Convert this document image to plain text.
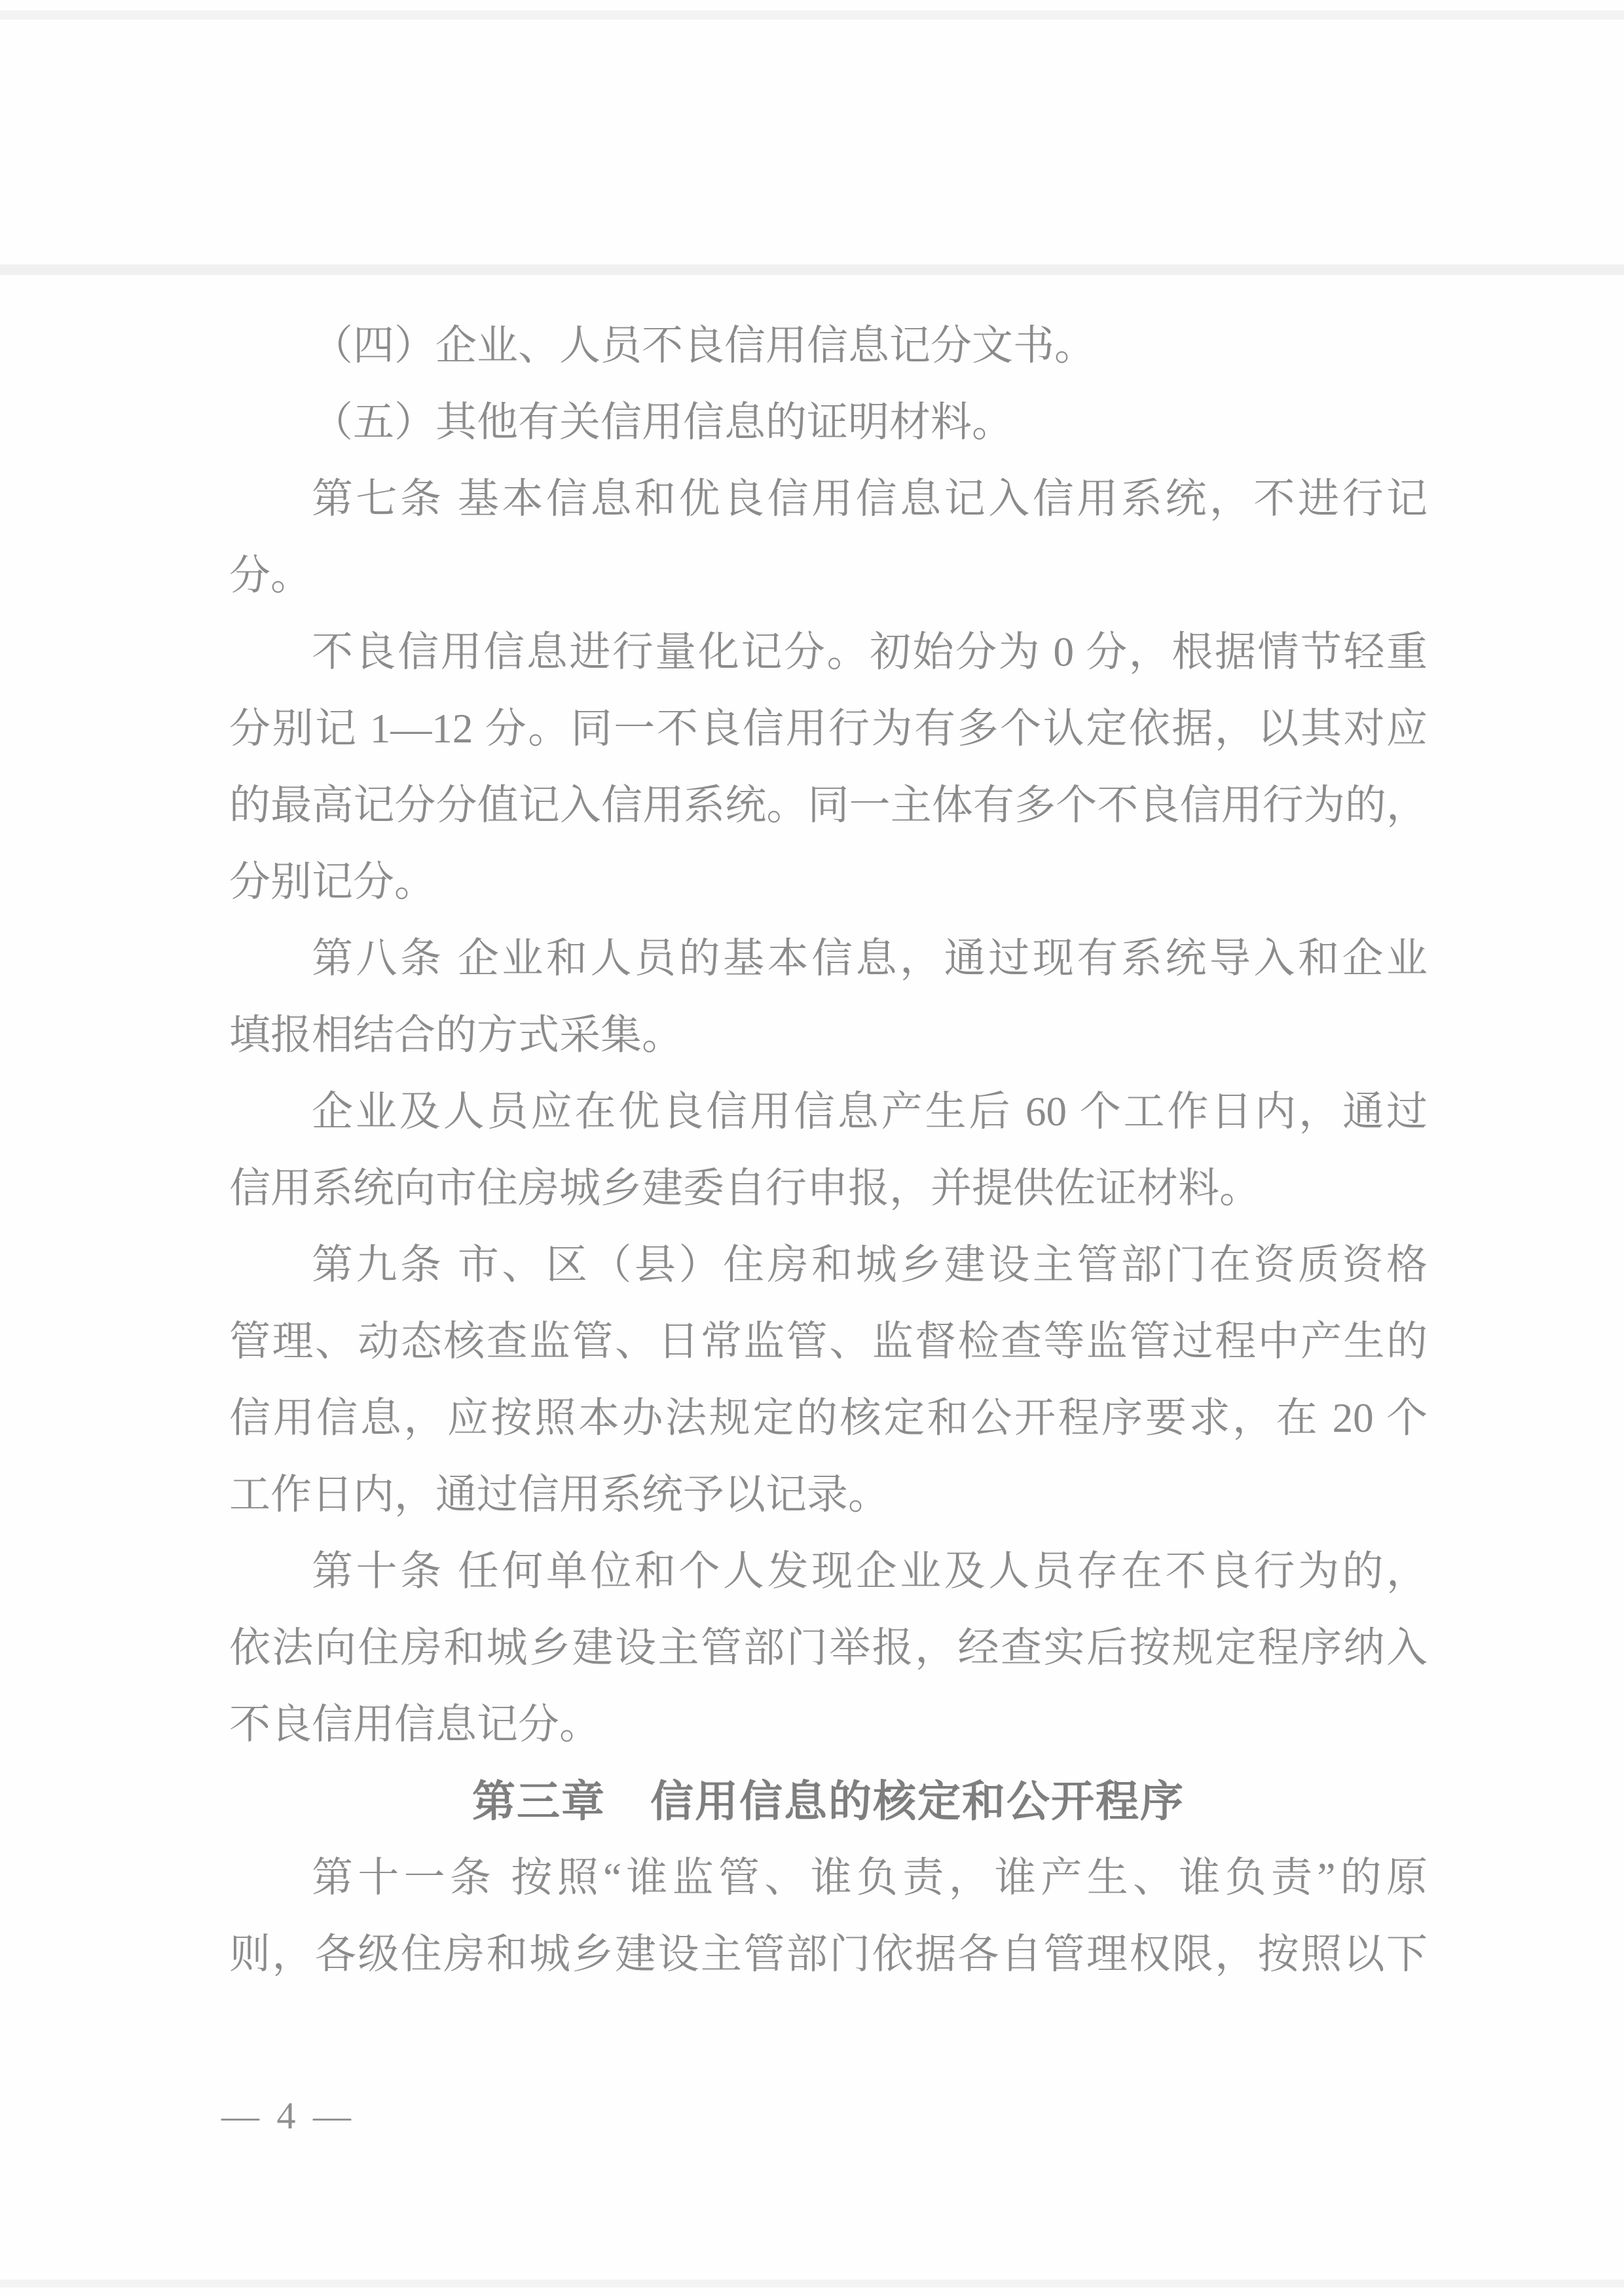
（四）企业、人员不良信用信息记分文书。

（五）其他有关信用信息的证明材料。

第七条 基本信息和优良信用信息记入信用系统，不进行记

分。

不良信用信息进行量化记分。初始分为 0 分，根据情节轻重

分别记 1—12 分。同一不良信用行为有多个认定依据，以其对应

的最高记分分值记入信用系统。同一主体有多个不良信用行为的，

分别记分。

第八条 企业和人员的基本信息，通过现有系统导入和企业

填报相结合的方式采集。

企业及人员应在优良信用信息产生后 60 个工作日内，通过

信用系统向市住房城乡建委自行申报，并提供佐证材料。

第九条 市、区（县）住房和城乡建设主管部门在资质资格

管理、动态核查监管、日常监管、监督检查等监管过程中产生的

信用信息，应按照本办法规定的核定和公开程序要求，在 20 个

工作日内，通过信用系统予以记录。

第十条 任何单位和个人发现企业及人员存在不良行为的，

依法向住房和城乡建设主管部门举报，经查实后按规定程序纳入

不良信用信息记分。

第三章　信用信息的核定和公开程序

第十一条 按照“谁监管、谁负责，谁产生、谁负责”的原

则，各级住房和城乡建设主管部门依据各自管理权限，按照以下

— 4 —
